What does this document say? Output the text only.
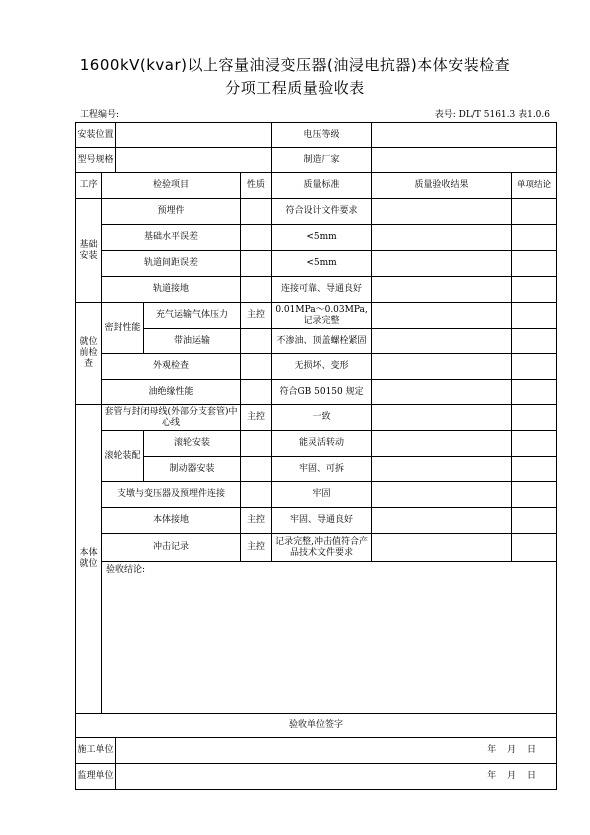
1600kV(kvar)以上容量油浸变压器(油浸电抗器)本体安装检查
分项工程质量验收表
工程编号:	表号: DL/T 5161.3 表1.0.6
安装位置					电压等级		
型号规格					制造厂家		
工序	检验项目			性质	质量标准	质量验收结果	单项结论
基础安装	预埋件				符合设计文件要求		
	基础水平误差				<5mm		
	轨道间距误差				<5mm		
	轨道接地				连接可靠、导通良好		
就位前检查	密封性能		充气运输气体压力	主控	0.01MPa～0.03MPa,记录完整		
			带油运输		不渗油、顶盖螺栓紧固		
	外观检查				无损坏、变形		
	油绝缘性能				符合GB 50150 规定		
本体就位	套管与封闭母线(外部分支套管)中心线			主控	一致		
	滚轮装配		滚轮安装		能灵活转动		
			制动器安装		牢固、可拆		
	支墩与变压器及预埋件连接				牢固		
	本体接地			主控	牢固、导通良好		
	冲击记录			主控	记录完整,冲击值符合产品技术文件要求		
	验收结论:						
验收单位签字							
施工单位		年 月 日					
监理单位		年 月 日					
